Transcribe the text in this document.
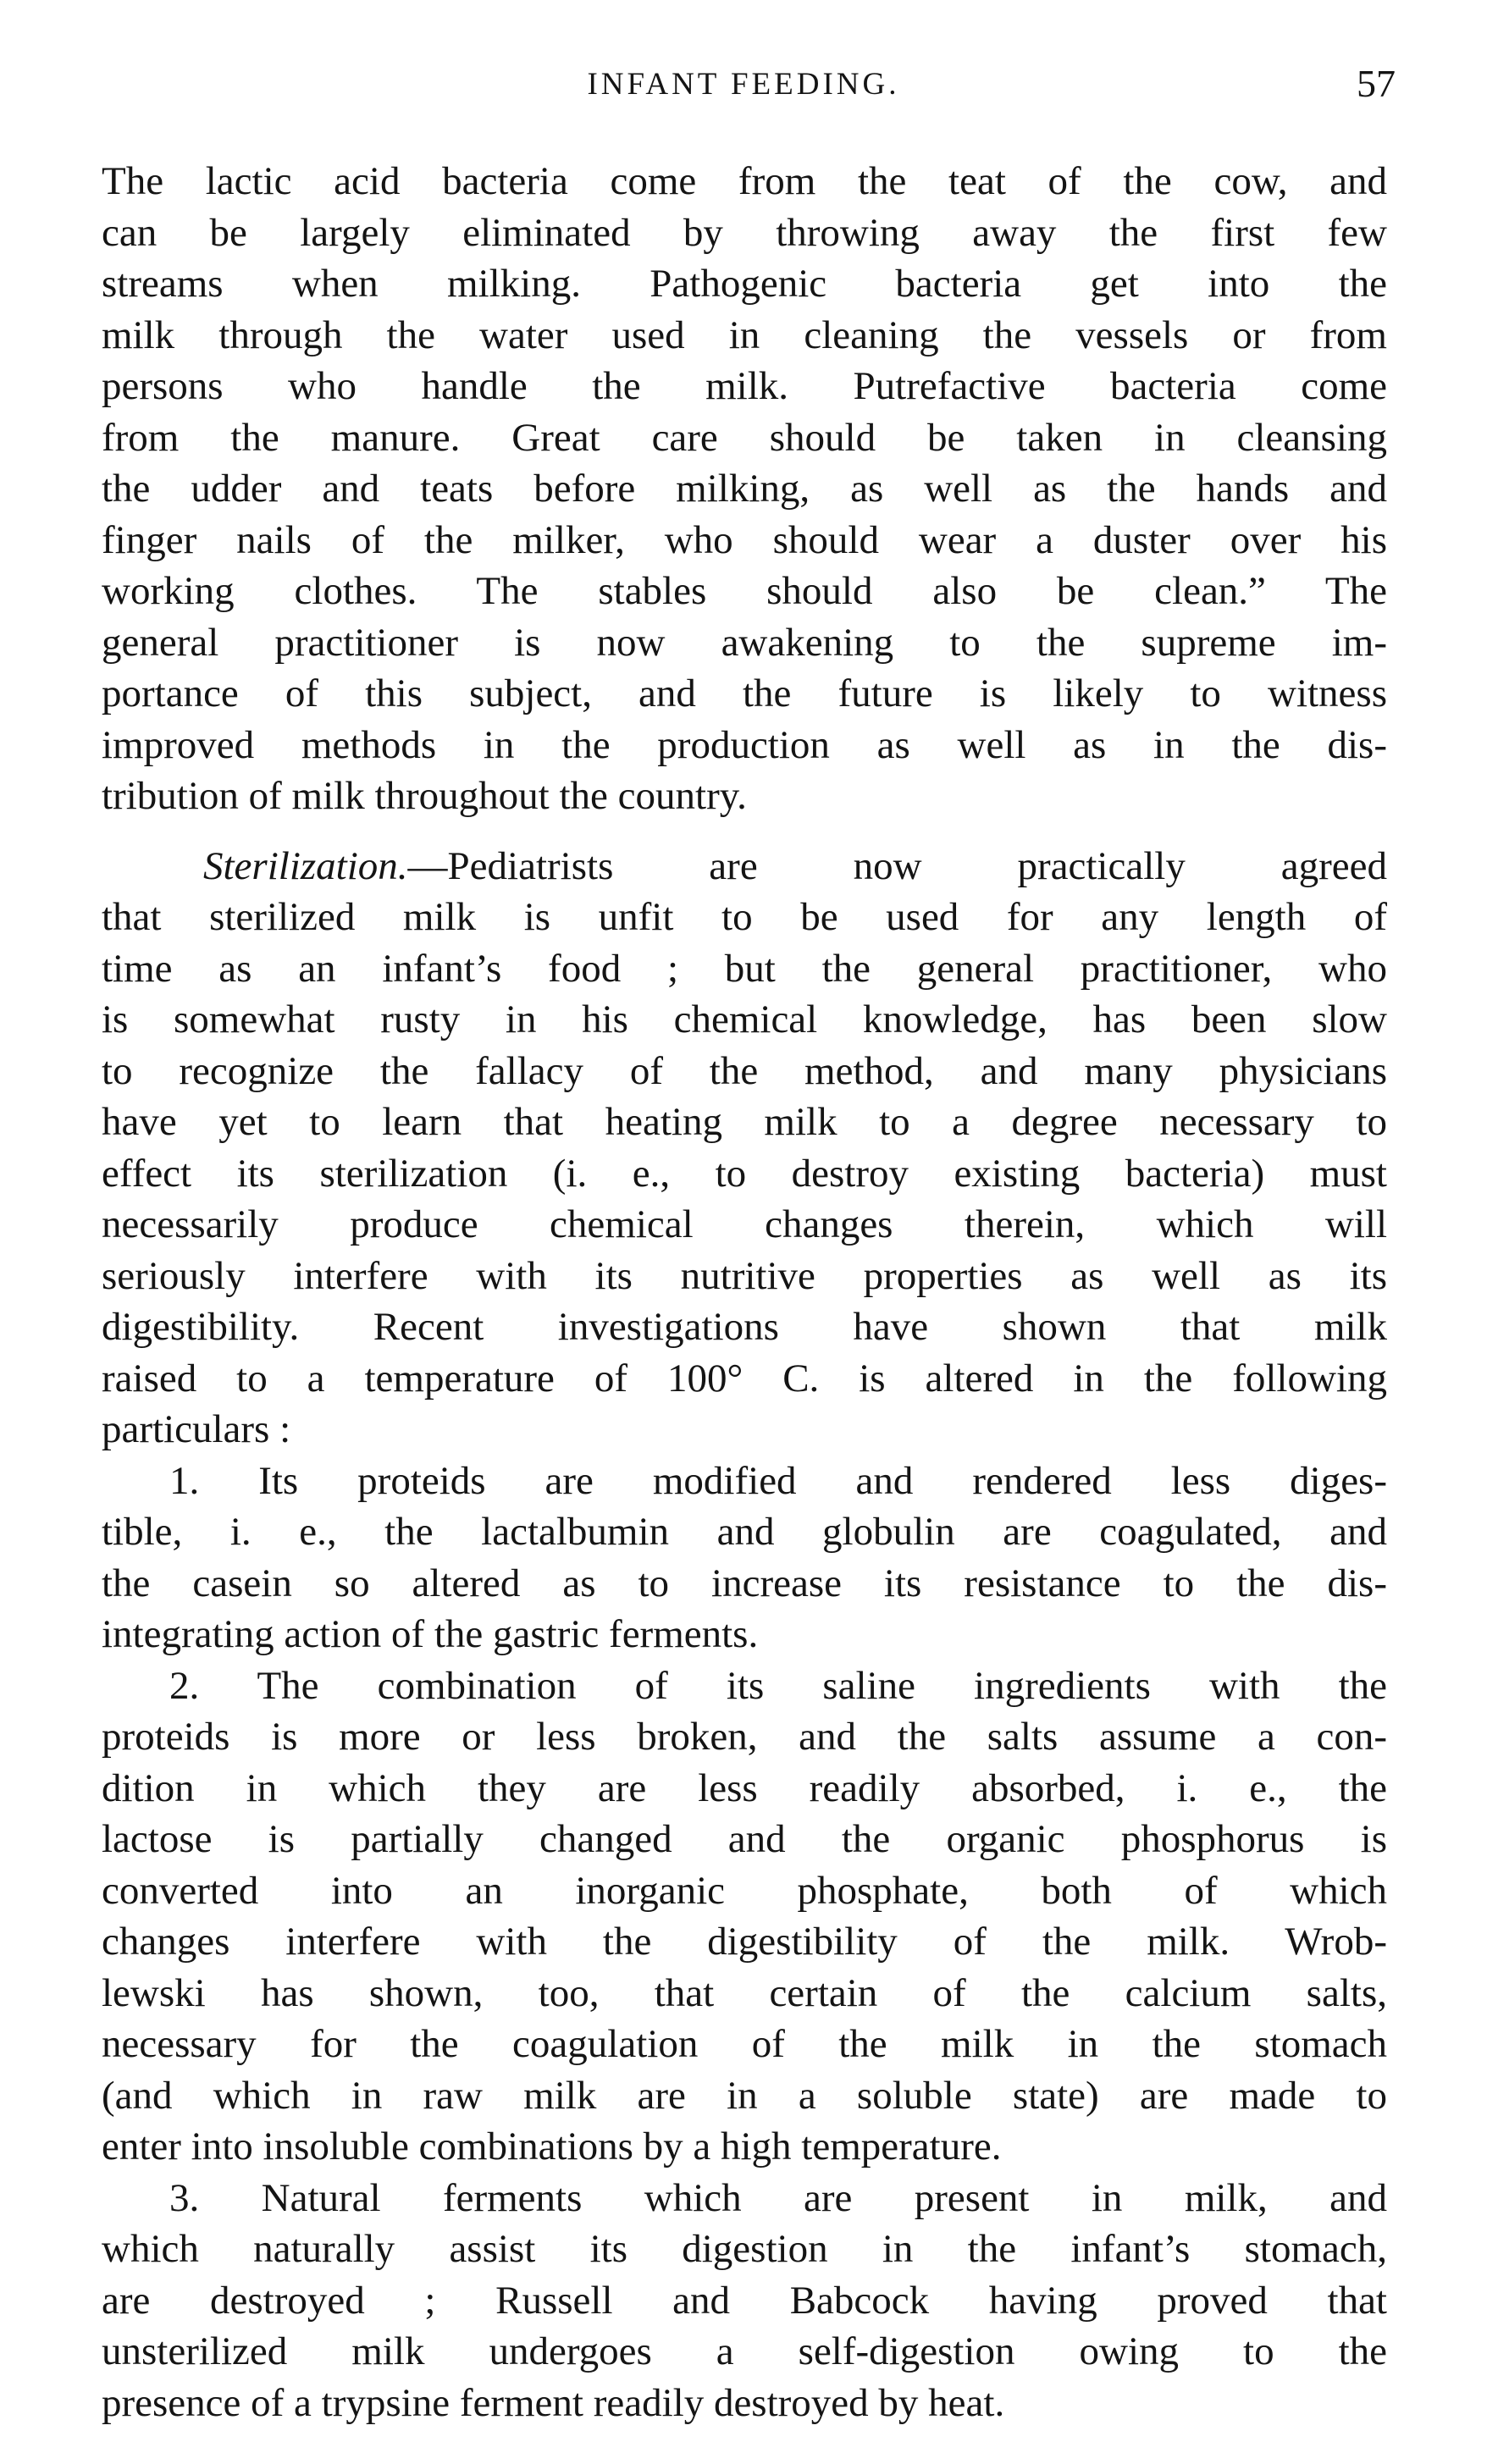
INFANT FEEDING.	57
The lactic acid bacteria come from the teat of the cow, and
can be largely eliminated by throwing away the first few
streams when milking. Pathogenic bacteria get into the
milk through the water used in cleaning the vessels or from
persons who handle the milk. Putrefactive bacteria come
from the manure. Great care should be taken in cleansing
the udder and teats before milking, as well as the hands and
finger nails of the milker, who should wear a duster over his
working clothes. The stables should also be clean.” The
general practitioner is now awakening to the supreme im-
portance of this subject, and the future is likely to witness
improved methods in the production as well as in the dis-
tribution of milk throughout the country.
Sterilization.—Pediatrists are now practically agreed
that sterilized milk is unfit to be used for any length of
time as an infant’s food ; but the general practitioner, who
is somewhat rusty in his chemical knowledge, has been slow
to recognize the fallacy of the method, and many physicians
have yet to learn that heating milk to a degree necessary to
effect its sterilization (i. e., to destroy existing bacteria) must
necessarily produce chemical changes therein, which will
seriously interfere with its nutritive properties as well as its
digestibility. Recent investigations have shown that milk
raised to a temperature of 100° C. is altered in the following
particulars :
1. Its proteids are modified and rendered less diges-
tible, i. e., the lactalbumin and globulin are coagulated, and
the casein so altered as to increase its resistance to the dis-
integrating action of the gastric ferments.
2. The combination of its saline ingredients with the
proteids is more or less broken, and the salts assume a con-
dition in which they are less readily absorbed, i. e., the
lactose is partially changed and the organic phosphorus is
converted into an inorganic phosphate, both of which
changes interfere with the digestibility of the milk. Wrob-
lewski has shown, too, that certain of the calcium salts,
necessary for the coagulation of the milk in the stomach
(and which in raw milk are in a soluble state) are made to
enter into insoluble combinations by a high temperature.
3. Natural ferments which are present in milk, and
which naturally assist its digestion in the infant’s stomach,
are destroyed ; Russell and Babcock having proved that
unsterilized milk undergoes a self-digestion owing to the
presence of a trypsine ferment readily destroyed by heat.
